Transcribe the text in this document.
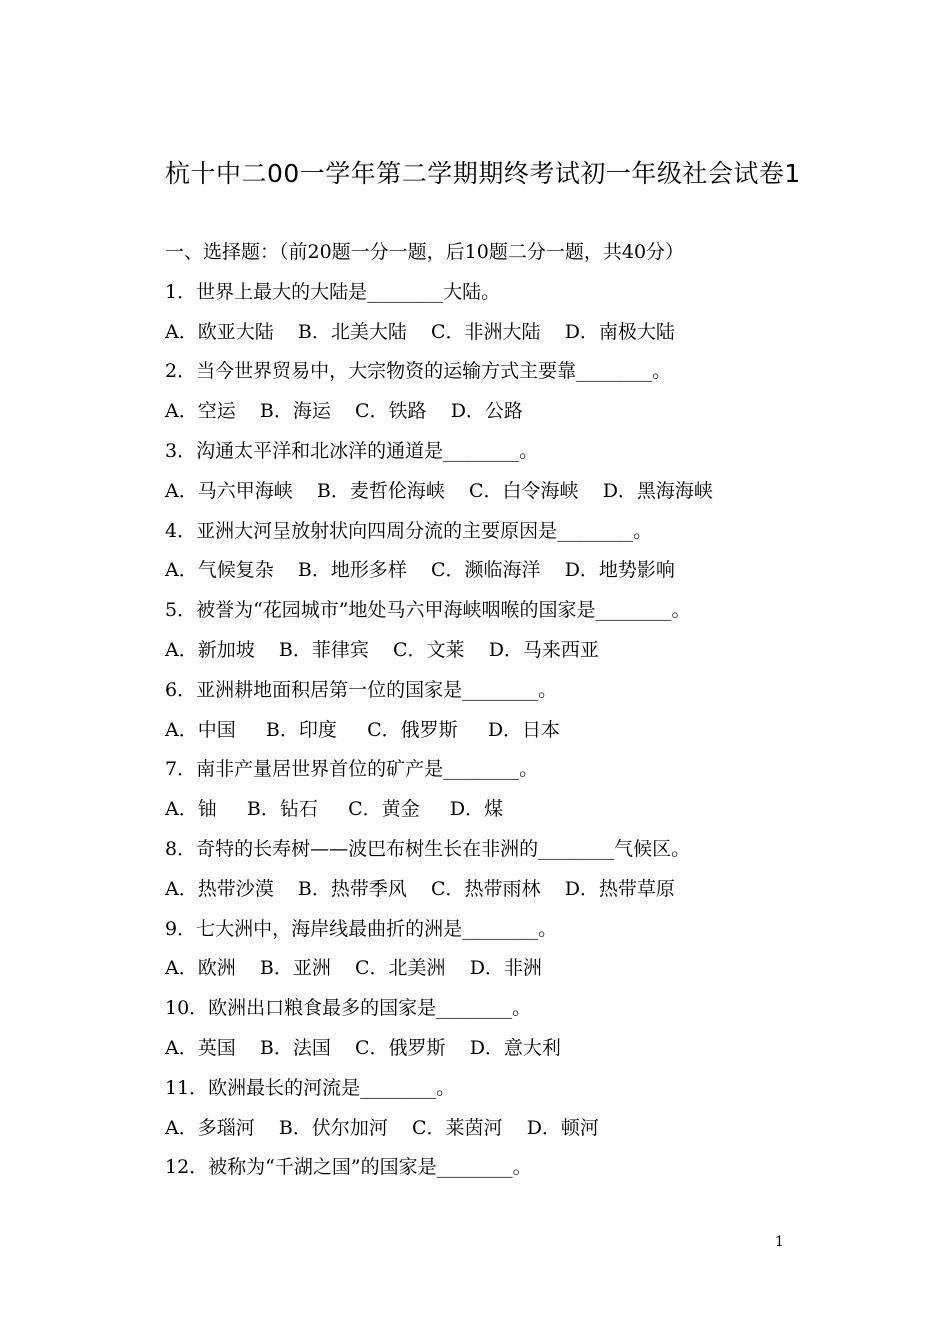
杭十中二00一学年第二学期期终考试初一年级社会试卷1
一、选择题：（前20题一分一题，后10题二分一题，共40分）
1．世界上最大的大陆是________大陆。
A．欧亚大陆    B．北美大陆    C．非洲大陆    D．南极大陆
2．当今世界贸易中，大宗物资的运输方式主要靠________。
A．空运    B．海运    C．铁路    D．公路
3．沟通太平洋和北冰洋的通道是________。
A．马六甲海峡    B．麦哲伦海峡    C．白令海峡    D．黑海海峡
4．亚洲大河呈放射状向四周分流的主要原因是________。
A．气候复杂    B．地形多样    C．濒临海洋    D．地势影响
5．被誉为“花园城市”地处马六甲海峡咽喉的国家是________。
A．新加坡    B．菲律宾    C．文莱    D．马来西亚
6．亚洲耕地面积居第一位的国家是________。
A．中国     B．印度     C．俄罗斯     D．日本
7．南非产量居世界首位的矿产是________。
A．铀     B．钻石     C．黄金     D．煤
8．奇特的长寿树——波巴布树生长在非洲的________气候区。
A．热带沙漠    B．热带季风    C．热带雨林    D．热带草原
9．七大洲中，海岸线最曲折的洲是________。
A．欧洲    B．亚洲    C．北美洲    D．非洲
10．欧洲出口粮食最多的国家是________。
A．英国    B．法国    C．俄罗斯    D．意大利
11．欧洲最长的河流是________。
A．多瑙河    B．伏尔加河    C．莱茵河    D．顿河
12．被称为“千湖之国”的国家是________。
1
